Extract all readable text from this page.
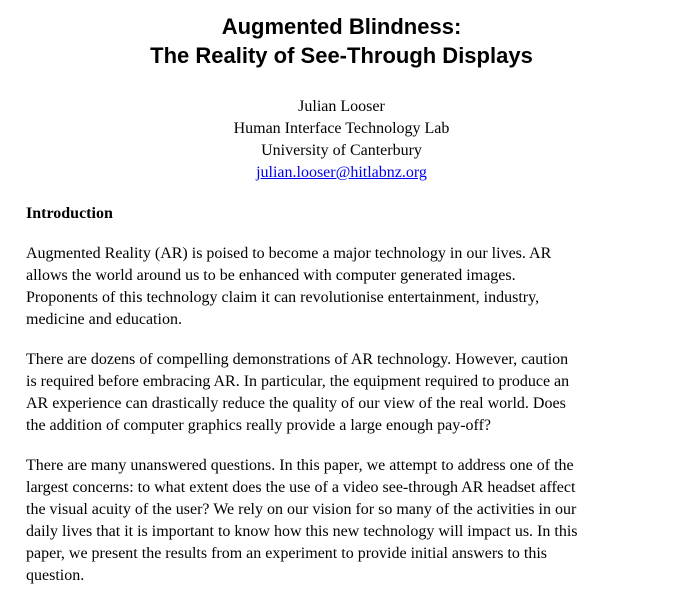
Augmented Blindness:
The Reality of See-Through Displays
Julian Looser
Human Interface Technology Lab
University of Canterbury
julian.looser@hitlabnz.org
Introduction
Augmented Reality (AR) is poised to become a major technology in our lives. AR
allows the world around us to be enhanced with computer generated images.
Proponents of this technology claim it can revolutionise entertainment, industry,
medicine and education.
There are dozens of compelling demonstrations of AR technology. However, caution
is required before embracing AR. In particular, the equipment required to produce an
AR experience can drastically reduce the quality of our view of the real world. Does
the addition of computer graphics really provide a large enough pay-off?
There are many unanswered questions. In this paper, we attempt to address one of the
largest concerns: to what extent does the use of a video see-through AR headset affect
the visual acuity of the user? We rely on our vision for so many of the activities in our
daily lives that it is important to know how this new technology will impact us. In this
paper, we present the results from an experiment to provide initial answers to this
question.
